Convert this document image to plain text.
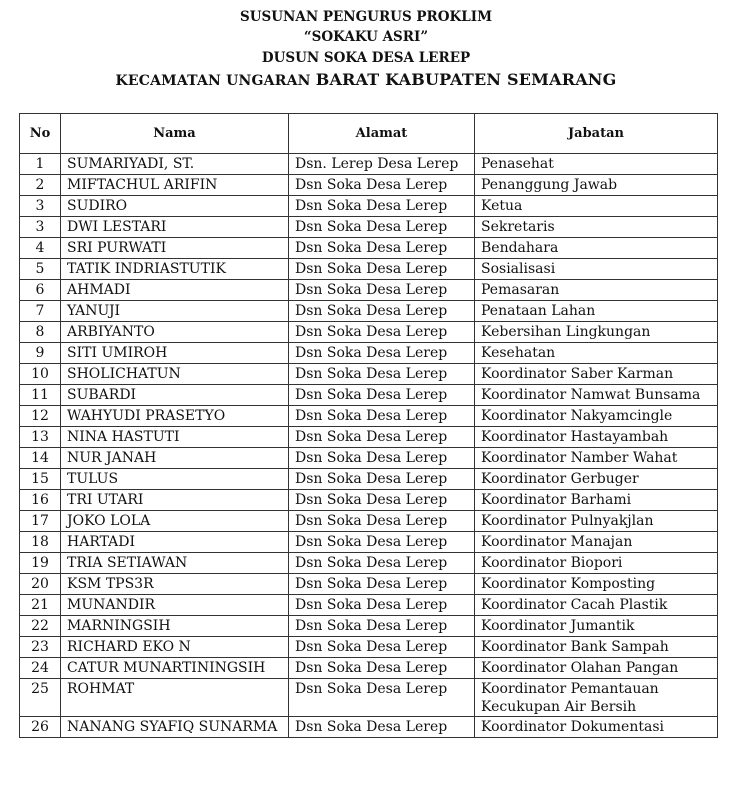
SUSUNAN PENGURUS PROKLIM
“SOKAKU ASRI”
DUSUN SOKA DESA LEREP
KECAMATAN UNGARAN BARAT KABUPATEN SEMARANG
No	Nama	Alamat	Jabatan
1	SUMARIYADI, ST.	Dsn. Lerep Desa Lerep	Penasehat
2	MIFTACHUL ARIFIN	Dsn Soka Desa Lerep	Penanggung Jawab
3	SUDIRO	Dsn Soka Desa Lerep	Ketua
3	DWI LESTARI	Dsn Soka Desa Lerep	Sekretaris
4	SRI PURWATI	Dsn Soka Desa Lerep	Bendahara
5	TATIK INDRIASTUTIK	Dsn Soka Desa Lerep	Sosialisasi
6	AHMADI	Dsn Soka Desa Lerep	Pemasaran
7	YANUJI	Dsn Soka Desa Lerep	Penataan Lahan
8	ARBIYANTO	Dsn Soka Desa Lerep	Kebersihan Lingkungan
9	SITI UMIROH	Dsn Soka Desa Lerep	Kesehatan
10	SHOLICHATUN	Dsn Soka Desa Lerep	Koordinator Saber Karman
11	SUBARDI	Dsn Soka Desa Lerep	Koordinator Namwat Bunsama
12	WAHYUDI PRASETYO	Dsn Soka Desa Lerep	Koordinator Nakyamcingle
13	NINA HASTUTI	Dsn Soka Desa Lerep	Koordinator Hastayambah
14	NUR JANAH	Dsn Soka Desa Lerep	Koordinator Namber Wahat
15	TULUS	Dsn Soka Desa Lerep	Koordinator Gerbuger
16	TRI UTARI	Dsn Soka Desa Lerep	Koordinator Barhami
17	JOKO LOLA	Dsn Soka Desa Lerep	Koordinator Pulnyakjlan
18	HARTADI	Dsn Soka Desa Lerep	Koordinator Manajan
19	TRIA SETIAWAN	Dsn Soka Desa Lerep	Koordinator Biopori
20	KSM TPS3R	Dsn Soka Desa Lerep	Koordinator Komposting
21	MUNANDIR	Dsn Soka Desa Lerep	Koordinator Cacah Plastik
22	MARNINGSIH	Dsn Soka Desa Lerep	Koordinator Jumantik
23	RICHARD EKO N	Dsn Soka Desa Lerep	Koordinator Bank Sampah
24	CATUR MUNARTININGSIH	Dsn Soka Desa Lerep	Koordinator Olahan Pangan
25	ROHMAT	Dsn Soka Desa Lerep	Koordinator Pemantauan Kecukupan Air Bersih
26	NANANG SYAFIQ SUNARMA	Dsn Soka Desa Lerep	Koordinator Dokumentasi
